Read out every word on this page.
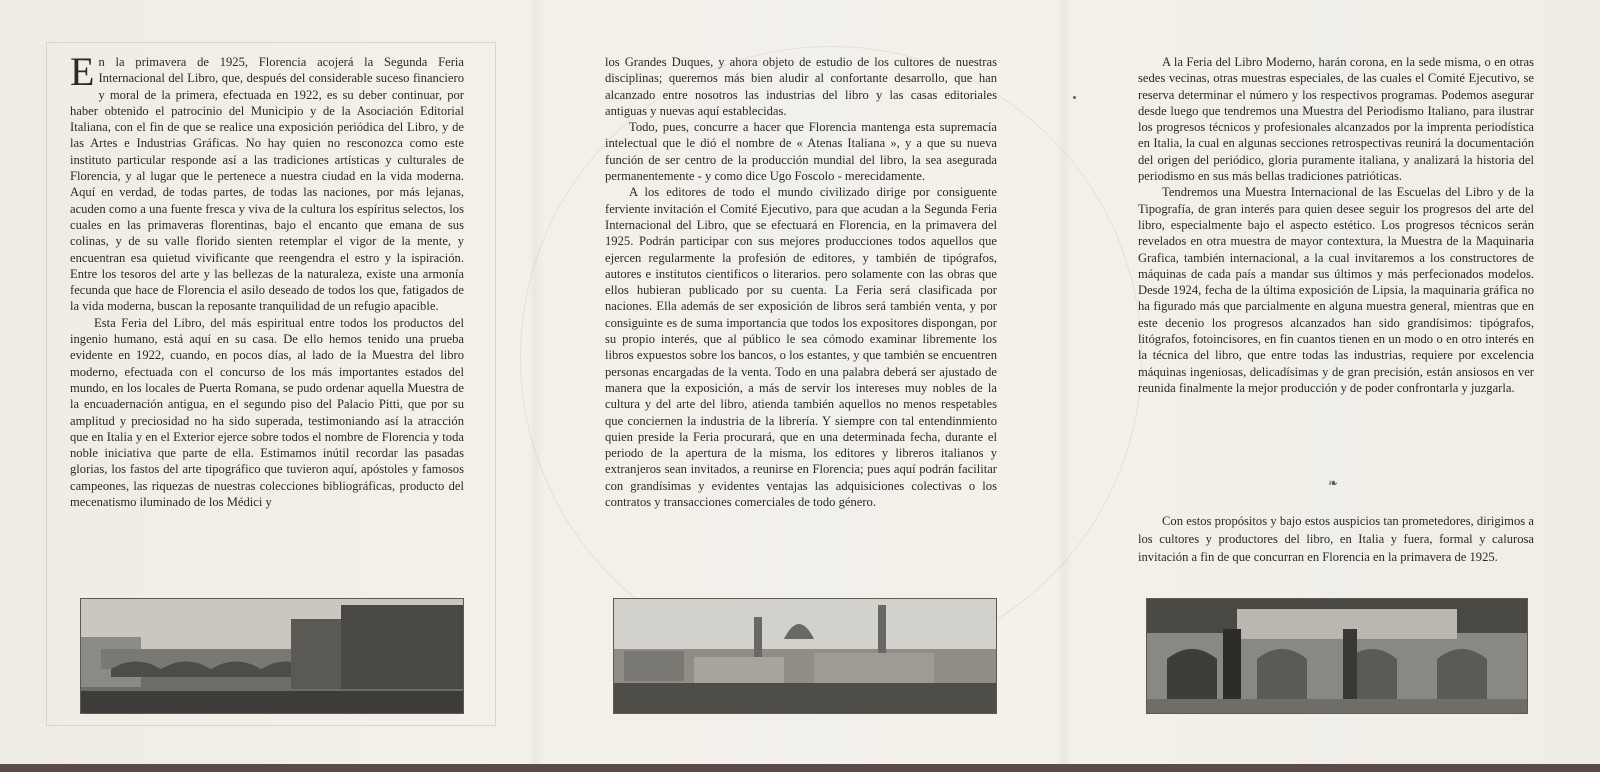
En la primavera de 1925, Florencia acojerá la Segunda Feria Internacional del Libro, que, después del considerable suceso financiero y moral de la primera, efectuada en 1922, es su deber continuar, por haber obtenido el patrocinio del Municipio y de la Asociación Editorial Italiana, con el fin de que se realice una exposición periódica del Libro, y de las Artes e Industrias Gráficas. No hay quien no resconozca como este instituto particular responde así a las tradiciones artísticas y culturales de Florencia, y al lugar que le pertenece a nuestra ciudad en la vida moderna. Aquí en verdad, de todas partes, de todas las naciones, por más lejanas, acuden como a una fuente fresca y viva de la cultura los espíritus selectos, los cuales en las primaveras florentinas, bajo el encanto que emana de sus colinas, y de su valle florido sienten retemplar el vigor de la mente, y encuentran esa quietud vivificante que reengendra el estro y la ispiración. Entre los tesoros del arte y las bellezas de la naturaleza, existe una armonía fecunda que hace de Florencia el asilo deseado de todos los que, fatigados de la vida moderna, buscan la reposante tranquilidad de un refugio apacible.

Esta Feria del Libro, del más espiritual entre todos los productos del ingenio humano, está aquí en su casa. De ello hemos tenido una prueba evidente en 1922, cuando, en pocos días, al lado de la Muestra del libro moderno, efectuada con el concurso de los más importantes estados del mundo, en los locales de Puerta Romana, se pudo ordenar aquella Muestra de la encuadernación antigua, en el segundo piso del Palacio Pitti, que por su amplitud y preciosidad no ha sido superada, testimoniando así la atracción que en Italia y en el Exterior ejerce sobre todos el nombre de Florencia y toda noble iniciativa que parte de ella. Estimamos inútil recordar las pasadas glorias, los fastos del arte tipográfico que tuvieron aquí, apóstoles y famosos campeones, las riquezas de nuestras colecciones bibliográficas, producto del mecenatismo iluminado de los Médici y

los Grandes Duques, y ahora objeto de estudio de los cultores de nuestras disciplinas; queremos más bien aludir al confortante desarrollo, que han alcanzado entre nosotros las industrias del libro y las casas editoriales antiguas y nuevas aquí establecidas.

Todo, pues, concurre a hacer que Florencia mantenga esta supremacía intelectual que le dió el nombre de « Atenas Italiana », y a que su nueva función de ser centro de la producción mundial del libro, la sea asegurada permanentemente - y como dice Ugo Foscolo - merecidamente.

A los editores de todo el mundo civilizado dirige por consiguente ferviente invitación el Comité Ejecutivo, para que acudan a la Segunda Feria Internacional del Libro, que se efectuará en Florencia, en la primavera del 1925. Podrán participar con sus mejores producciones todos aquellos que ejercen regularmente la profesión de editores, y también de tipógrafos, autores e institutos cientificos o literarios. pero solamente con las obras que ellos hubieran publicado por su cuenta. La Feria será clasificada por naciones. Ella además de ser exposición de libros será también venta, y por consiguinte es de suma importancia que todos los expositores dispongan, por su propio interés, que al público le sea cómodo examinar libremente los libros expuestos sobre los bancos, o los estantes, y que también se encuentren personas encargadas de la venta. Todo en una palabra deberá ser ajustado de manera que la exposición, a más de servir los intereses muy nobles de la cultura y del arte del libro, atienda también aquellos no menos respetables que conciernen la industria de la librería. Y siempre con tal entendinmiento quien preside la Feria procurará, que en una determinada fecha, durante el periodo de la apertura de la misma, los editores y libreros italianos y extranjeros sean invitados, a reunirse en Florencia; pues aquí podrán facilitar con grandísimas y evidentes ventajas las adquisiciones colectivas o los contratos y transacciones comerciales de todo género.

A la Feria del Libro Moderno, harán corona, en la sede misma, o en otras sedes vecinas, otras muestras especiales, de las cuales el Comité Ejecutivo, se reserva determinar el número y los respectivos programas. Podemos asegurar desde luego que tendremos una Muestra del Periodismo Italiano, para ilustrar los progresos técnicos y profesionales alcanzados por la imprenta periodística en Italia, la cual en algunas secciones retrospectivas reunirá la documentación del origen del periódico, gloria puramente italiana, y analizará la historia del periodismo en sus más bellas tradiciones patrióticas.

Tendremos una Muestra Internacional de las Escuelas del Libro y de la Tipografía, de gran interés para quien desee seguir los progresos del arte del libro, especialmente bajo el aspecto estético. Los progresos técnicos serán revelados en otra muestra de mayor contextura, la Muestra de la Maquinaria Grafica, también internacional, a la cual invitaremos a los constructores de máquinas de cada país a mandar sus últimos y más perfecionados modelos. Desde 1924, fecha de la última exposición de Lipsia, la maquinaria gráfica no ha figurado más que parcialmente en alguna muestra general, mientras que en este decenio los progresos alcanzados han sido grandísimos: tipógrafos, litógrafos, fotoincisores, en fin cuantos tienen en un modo o en otro interés en la técnica del libro, que entre todas las industrias, requiere por excelencia máquinas ingeniosas, delicadísimas y de gran precisión, están ansiosos en ver reunida finalmente la mejor producción y de poder confrontarla y juzgarla.

❧
Con estos propósitos y bajo estos auspicios tan prometedores, dirigimos a los cultores y productores del libro, en Italia y fuera, formal y calurosa invitación a fin de que concurran en Florencia en la primavera de 1925.
